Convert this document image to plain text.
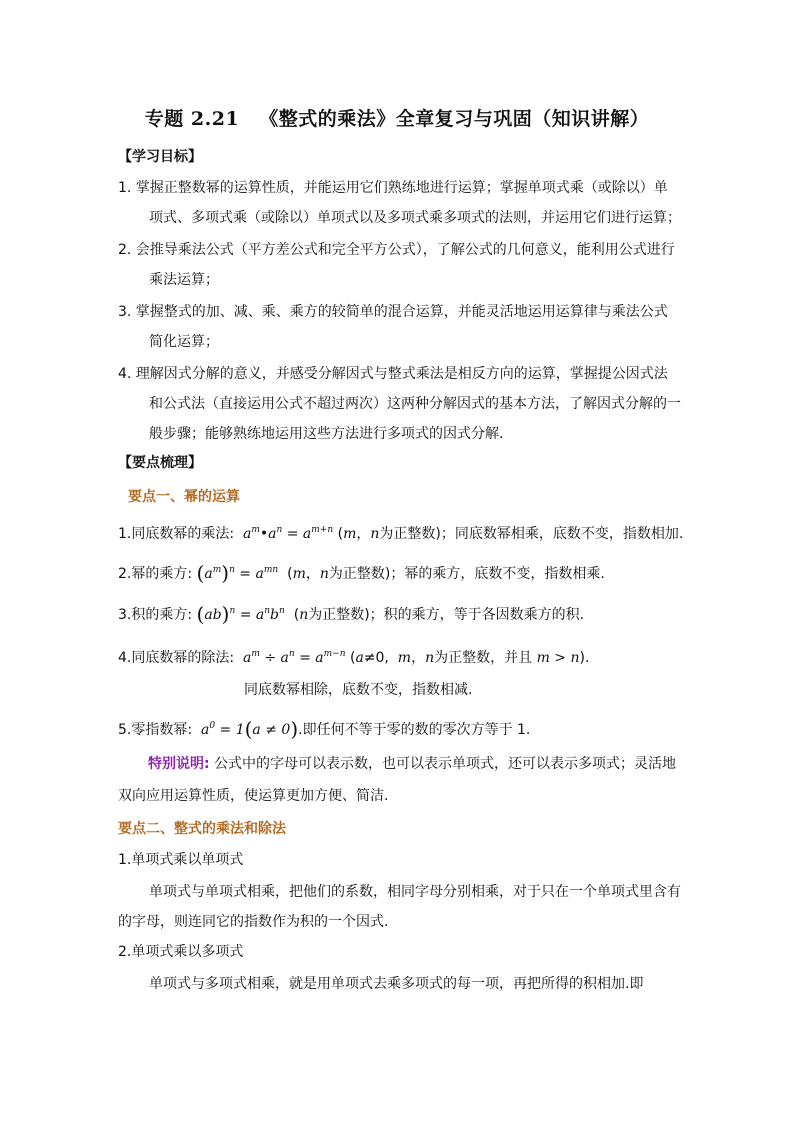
专题 2.21 《整式的乘法》全章复习与巩固（知识讲解）
【学习目标】
1. 掌握正整数幂的运算性质，并能运用它们熟练地进行运算；掌握单项式乘（或除以）单
项式、多项式乘（或除以）单项式以及多项式乘多项式的法则，并运用它们进行运算；
2. 会推导乘法公式（平方差公式和完全平方公式），了解公式的几何意义，能利用公式进行
乘法运算；
3. 掌握整式的加、减、乘、乘方的较简单的混合运算，并能灵活地运用运算律与乘法公式
简化运算；
4. 理解因式分解的意义，并感受分解因式与整式乘法是相反方向的运算，掌握提公因式法
和公式法（直接运用公式不超过两次）这两种分解因式的基本方法，了解因式分解的一
般步骤；能够熟练地运用这些方法进行多项式的因式分解.
【要点梳理】
要点一、幂的运算
1.同底数幂的乘法:  $a^m•a^n = a^{m+n}$ (m，n为正整数)；同底数幂相乘，底数不变，指数相加.
2.幂的乘方: $(a^m)^n = a^{mn}$  (m，n为正整数)；幂的乘方，底数不变，指数相乘.
3.积的乘方: $(ab)^n = a^nb^n$  (n为正整数)；积的乘方，等于各因数乘方的积.
4.同底数幂的除法:  $a^m \div a^n = a^{m-n}$ (a≠0,  m，n为正整数，并且 m > n).
同底数幂相除，底数不变，指数相减.
5.零指数幂:  $a^0 = 1(a \ne 0)$.即任何不等于零的数的零次方等于 1.
特别说明: 公式中的字母可以表示数，也可以表示单项式，还可以表示多项式；灵活地
双向应用运算性质，使运算更加方便、简洁.
要点二、整式的乘法和除法
1.单项式乘以单项式
单项式与单项式相乘，把他们的系数，相同字母分别相乘，对于只在一个单项式里含有
的字母，则连同它的指数作为积的一个因式.
2.单项式乘以多项式
单项式与多项式相乘，就是用单项式去乘多项式的每一项，再把所得的积相加.即
